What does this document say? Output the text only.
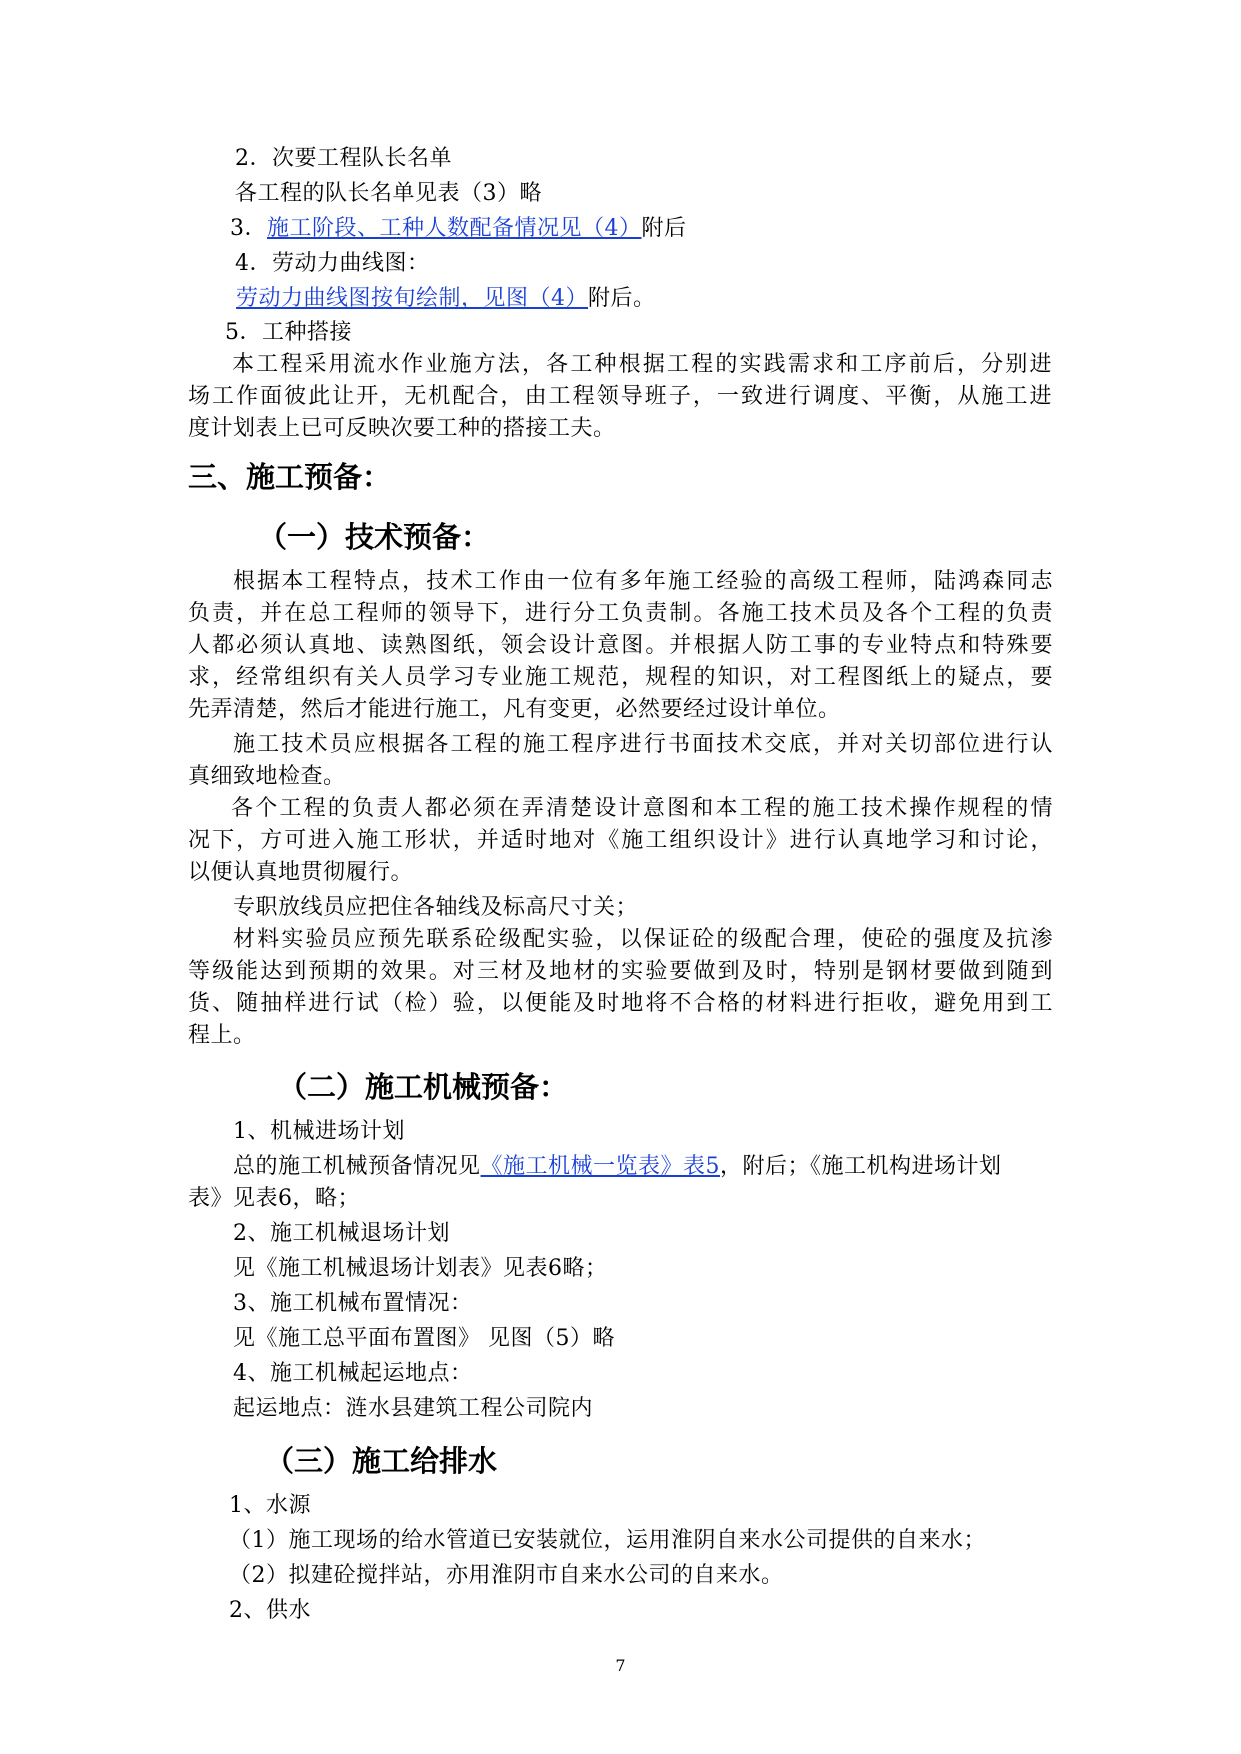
2．次要工程队长名单
各工程的队长名单见表（3）略
3．施工阶段、工种人数配备情况见（4）附后
4．劳动力曲线图：
劳动力曲线图按旬绘制，见图（4）附后。
5．工种搭接
本工程采用流水作业施方法，各工种根据工程的实践需求和工序前后，分别进
场工作面彼此让开，无机配合，由工程领导班子，一致进行调度、平衡，从施工进
度计划表上已可反映次要工种的搭接工夫。
三、施工预备：
（一）技术预备：
根据本工程特点，技术工作由一位有多年施工经验的高级工程师，陆鸿森同志
负责，并在总工程师的领导下，进行分工负责制。各施工技术员及各个工程的负责
人都必须认真地、读熟图纸，领会设计意图。并根据人防工事的专业特点和特殊要
求，经常组织有关人员学习专业施工规范，规程的知识，对工程图纸上的疑点，要
先弄清楚，然后才能进行施工，凡有变更，必然要经过设计单位。
施工技术员应根据各工程的施工程序进行书面技术交底，并对关切部位进行认
真细致地检查。
各个工程的负责人都必须在弄清楚设计意图和本工程的施工技术操作规程的情
况下，方可进入施工形状，并适时地对《施工组织设计》进行认真地学习和讨论，
以便认真地贯彻履行。
专职放线员应把住各轴线及标高尺寸关；
材料实验员应预先联系砼级配实验，以保证砼的级配合理，使砼的强度及抗渗
等级能达到预期的效果。对三材及地材的实验要做到及时，特别是钢材要做到随到
货、随抽样进行试（检）验，以便能及时地将不合格的材料进行拒收，避免用到工
程上。
（二）施工机械预备：
1、机械进场计划
总的施工机械预备情况见《施工机械一览表》表5，附后；《施工机构进场计划
表》见表6，略；
2、施工机械退场计划
见《施工机械退场计划表》见表6略；
3、施工机械布置情况：
见《施工总平面布置图》 见图（5）略
4、施工机械起运地点：
起运地点：涟水县建筑工程公司院内
（三）施工给排水
1、水源
（1）施工现场的给水管道已安装就位，运用淮阴自来水公司提供的自来水；
（2）拟建砼搅拌站，亦用淮阴市自来水公司的自来水。
2、供水
7
